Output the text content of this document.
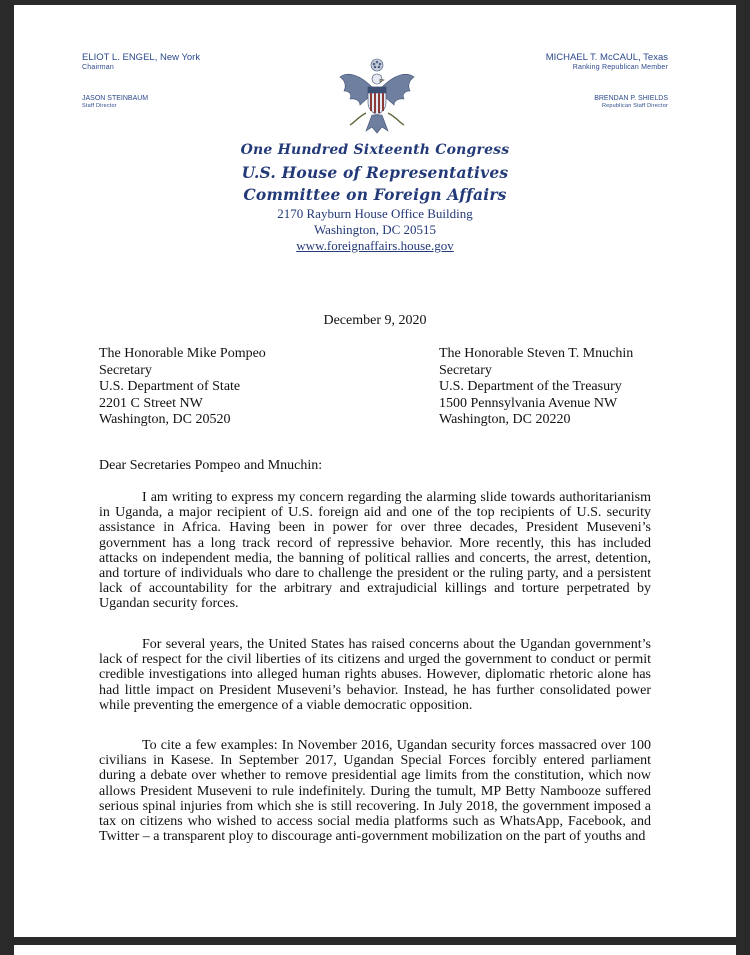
ELIOT L. ENGEL, New York
Chairman
JASON STEINBAUM
Staff Director
MICHAEL T. McCAUL, Texas
Ranking Republican Member
BRENDAN P. SHIELDS
Republican Staff Director
One Hundred Sixteenth Congress
U.S. House of Representatives
Committee on Foreign Affairs
2170 Rayburn House Office Building
Washington, DC 20515
www.foreignaffairs.house.gov
December 9, 2020
The Honorable Mike Pompeo
Secretary
U.S. Department of State
2201 C Street NW
Washington, DC 20520
The Honorable Steven T. Mnuchin
Secretary
U.S. Department of the Treasury
1500 Pennsylvania Avenue NW
Washington, DC 20220
Dear Secretaries Pompeo and Mnuchin:

I am writing to express my concern regarding the alarming slide towards authoritarianism in Uganda, a major recipient of U.S. foreign aid and one of the top recipients of U.S. security assistance in Africa. Having been in power for over three decades, President Museveni’s government has a long track record of repressive behavior. More recently, this has included attacks on independent media, the banning of political rallies and concerts, the arrest, detention, and torture of individuals who dare to challenge the president or the ruling party, and a persistent lack of accountability for the arbitrary and extrajudicial killings and torture perpetrated by Ugandan security forces.

For several years, the United States has raised concerns about the Ugandan government’s lack of respect for the civil liberties of its citizens and urged the government to conduct or permit credible investigations into alleged human rights abuses. However, diplomatic rhetoric alone has had little impact on President Museveni’s behavior. Instead, he has further consolidated power while preventing the emergence of a viable democratic opposition.

To cite a few examples: In November 2016, Ugandan security forces massacred over 100 civilians in Kasese. In September 2017, Ugandan Special Forces forcibly entered parliament during a debate over whether to remove presidential age limits from the constitution, which now allows President Museveni to rule indefinitely. During the tumult, MP Betty Nambooze suffered serious spinal injuries from which she is still recovering. In July 2018, the government imposed a tax on citizens who wished to access social media platforms such as WhatsApp, Facebook, and Twitter – a transparent ploy to discourage anti-government mobilization on the part of youths and
